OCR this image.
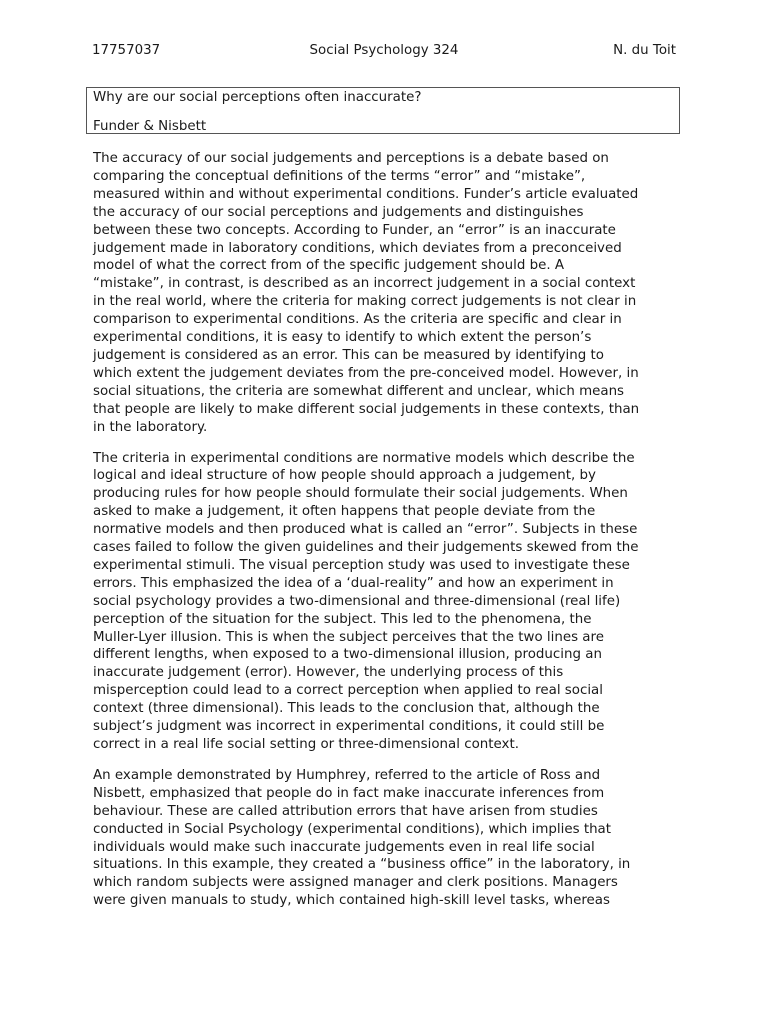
17757037	Social Psychology 324	N. du Toit
Why are our social perceptions often inaccurate?
Funder & Nisbett

The accuracy of our social judgements and perceptions is a debate based on
comparing the conceptual definitions of the terms “error” and “mistake”,
measured within and without experimental conditions. Funder’s article evaluated
the accuracy of our social perceptions and judgements and distinguishes
between these two concepts. According to Funder, an “error” is an inaccurate
judgement made in laboratory conditions, which deviates from a preconceived
model of what the correct from of the specific judgement should be. A
“mistake”, in contrast, is described as an incorrect judgement in a social context
in the real world, where the criteria for making correct judgements is not clear in
comparison to experimental conditions. As the criteria are specific and clear in
experimental conditions, it is easy to identify to which extent the person’s
judgement is considered as an error. This can be measured by identifying to
which extent the judgement deviates from the pre-conceived model. However, in
social situations, the criteria are somewhat different and unclear, which means
that people are likely to make different social judgements in these contexts, than
in the laboratory.

The criteria in experimental conditions are normative models which describe the
logical and ideal structure of how people should approach a judgement, by
producing rules for how people should formulate their social judgements. When
asked to make a judgement, it often happens that people deviate from the
normative models and then produced what is called an “error”. Subjects in these
cases failed to follow the given guidelines and their judgements skewed from the
experimental stimuli. The visual perception study was used to investigate these
errors. This emphasized the idea of a ‘dual-reality” and how an experiment in
social psychology provides a two-dimensional and three-dimensional (real life)
perception of the situation for the subject. This led to the phenomena, the
Muller-Lyer illusion. This is when the subject perceives that the two lines are
different lengths, when exposed to a two-dimensional illusion, producing an
inaccurate judgement (error). However, the underlying process of this
misperception could lead to a correct perception when applied to real social
context (three dimensional). This leads to the conclusion that, although the
subject’s judgment was incorrect in experimental conditions, it could still be
correct in a real life social setting or three-dimensional context.

An example demonstrated by Humphrey, referred to the article of Ross and
Nisbett, emphasized that people do in fact make inaccurate inferences from
behaviour. These are called attribution errors that have arisen from studies
conducted in Social Psychology (experimental conditions), which implies that
individuals would make such inaccurate judgements even in real life social
situations. In this example, they created a “business office” in the laboratory, in
which random subjects were assigned manager and clerk positions. Managers
were given manuals to study, which contained high-skill level tasks, whereas
